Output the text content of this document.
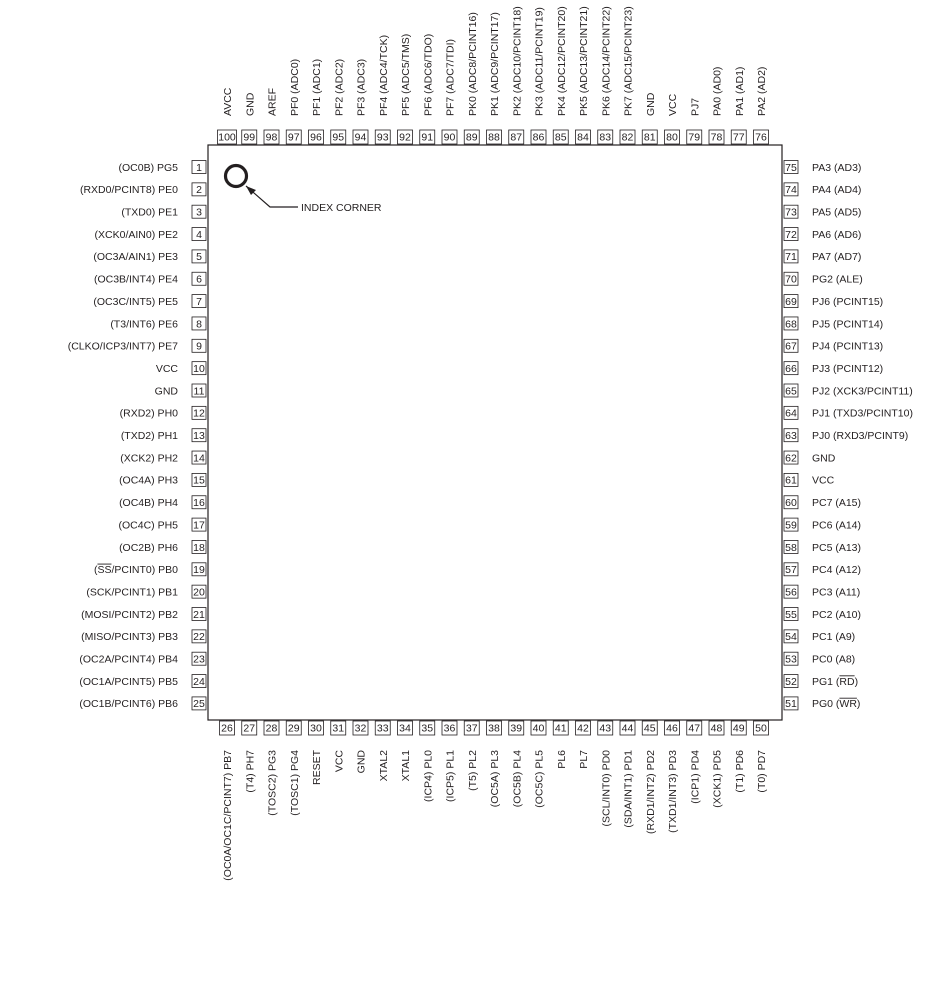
INDEX CORNER
1
(OC0B) PG5
2
(RXD0/PCINT8) PE0
3
(TXD0) PE1
4
(XCK0/AIN0) PE2
5
(OC3A/AIN1) PE3
6
(OC3B/INT4) PE4
7
(OC3C/INT5) PE5
8
(T3/INT6) PE6
9
(CLKO/ICP3/INT7) PE7
10
VCC
11
GND
12
(RXD2) PH0
13
(TXD2) PH1
14
(XCK2) PH2
15
(OC4A) PH3
16
(OC4B) PH4
17
(OC4C) PH5
18
(OC2B) PH6
19
(SS/PCINT0) PB0
20
(SCK/PCINT1) PB1
21
(MOSI/PCINT2) PB2
22
(MISO/PCINT3) PB3
23
(OC2A/PCINT4) PB4
24
(OC1A/PCINT5) PB5
25
(OC1B/PCINT6) PB6
75 PA3 (AD3)
74 PA4 (AD4)
73 PA5 (AD5)
72 PA6 (AD6)
71 PA7 (AD7)
70 PG2 (ALE)
69 PJ6 (PCINT15)
68 PJ5 (PCINT14)
67 PJ4 (PCINT13)
66 PJ3 (PCINT12)
65 PJ2 (XCK3/PCINT11)
64 PJ1 (TXD3/PCINT10)
63 PJ0 (RXD3/PCINT9)
62 GND
61 VCC
60 PC7 (A15)
59 PC6 (A14)
58 PC5 (A13)
57 PC4 (A12)
56 PC3 (A11)
55 PC2 (A10)
54 PC1 (A9)
53 PC0 (A8)
52 PG1 (RD)
51 PG0 (WR)
100
AVCC
99
GND
98
AREF
97
PF0 (ADC0)
96
PF1 (ADC1)
95
PF2 (ADC2)
94
PF3 (ADC3)
93
PF4 (ADC4/TCK)
92
PF5 (ADC5/TMS)
91
PF6 (ADC6/TDO)
90
PF7 (ADC7/TDI)
89
PK0 (ADC8/PCINT16)
88
PK1 (ADC9/PCINT17)
87
PK2 (ADC10/PCINT18)
86
PK3 (ADC11/PCINT19)
85
PK4 (ADC12/PCINT20)
84
PK5 (ADC13/PCINT21)
83
PK6 (ADC14/PCINT22)
82
PK7 (ADC15/PCINT23)
81
GND
80
VCC
79
PJ7
78
PA0 (AD0)
77
PA1 (AD1)
76
PA2 (AD2)
26
(OC0A/OC1C/PCINT7) PB7
27
(T4) PH7
28
(TOSC2) PG3
29
(TOSC1) PG4
30
RESET
31
VCC
32
GND
33
XTAL2
34
XTAL1
35
(ICP4) PL0
36
(ICP5) PL1
37
(T5) PL2
38
(OC5A) PL3
39
(OC5B) PL4
40
(OC5C) PL5
41
PL6
42
PL7
43
(SCL/INT0) PD0
44
(SDA/INT1) PD1
45
(RXD1/INT2) PD2
46
(TXD1/INT3) PD3
47
(ICP1) PD4
48
(XCK1) PD5
49
(T1) PD6
50
(T0) PD7
